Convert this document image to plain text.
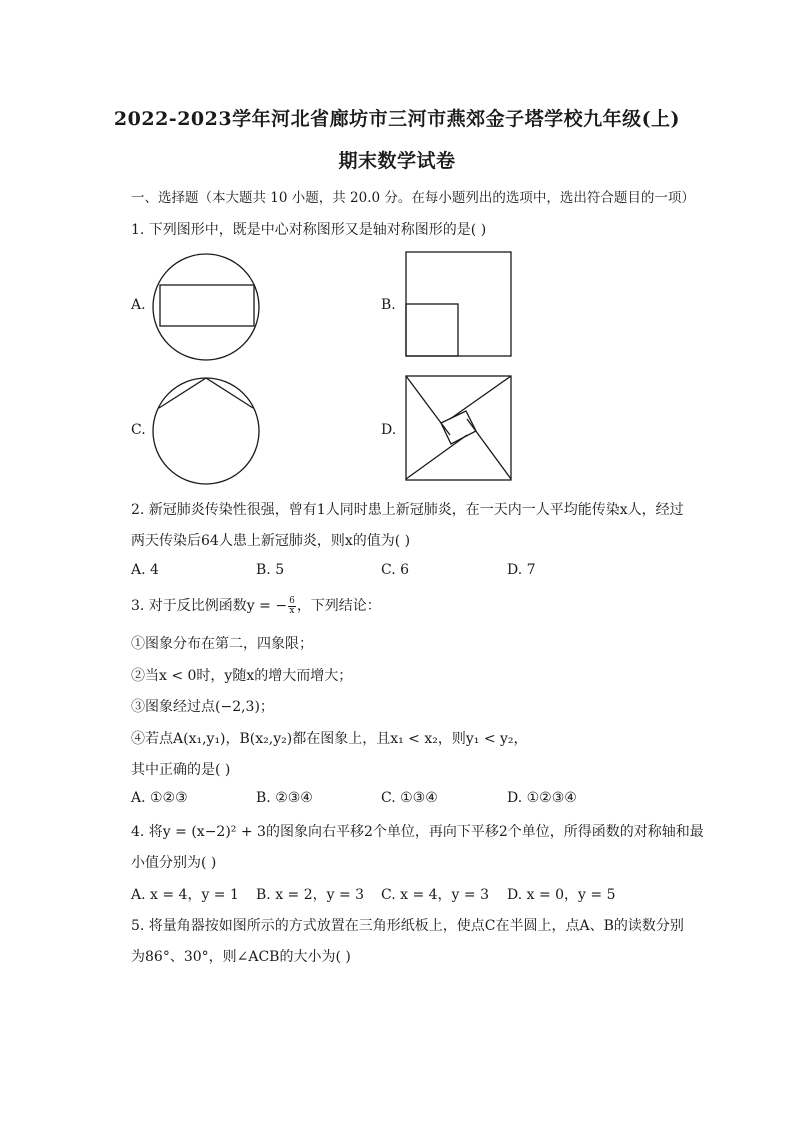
2022-2023学年河北省廊坊市三河市燕郊金子塔学校九年级(上)
期末数学试卷
一、选择题（本大题共 10 小题，共 20.0 分。在每小题列出的选项中，选出符合题目的一项）
1. 下列图形中，既是中心对称图形又是轴对称图形的是( )
A.	B.
C.	D.
2. 新冠肺炎传染性很强，曾有1人同时患上新冠肺炎，在一天内一人平均能传染x人，经过
两天传染后64人患上新冠肺炎，则x的值为( )
A. 4	B. 5	C. 6	D. 7
3. 对于反比例函数y = − $\frac{6}{x}$ ，下列结论：
①图象分布在第二，四象限；
②当x < 0时，y随x的增大而增大；
③图象经过点(−2,3)；
④若点A(x₁,y₁)，B(x₂,y₂)都在图象上，且x₁ < x₂，则y₁ < y₂，
其中正确的是( )
A. ①②③	B. ②③④	C. ①③④	D. ①②③④
4. 将y = (x−2)² + 3的图象向右平移2个单位，再向下平移2个单位，所得函数的对称轴和最
小值分别为( )
A. x = 4，y = 1 B. x = 2，y = 3 C. x = 4，y = 3 D. x = 0，y = 5
5. 将量角器按如图所示的方式放置在三角形纸板上，使点C在半圆上，点A、B的读数分别
为86°、30°，则∠ACB的大小为( )
